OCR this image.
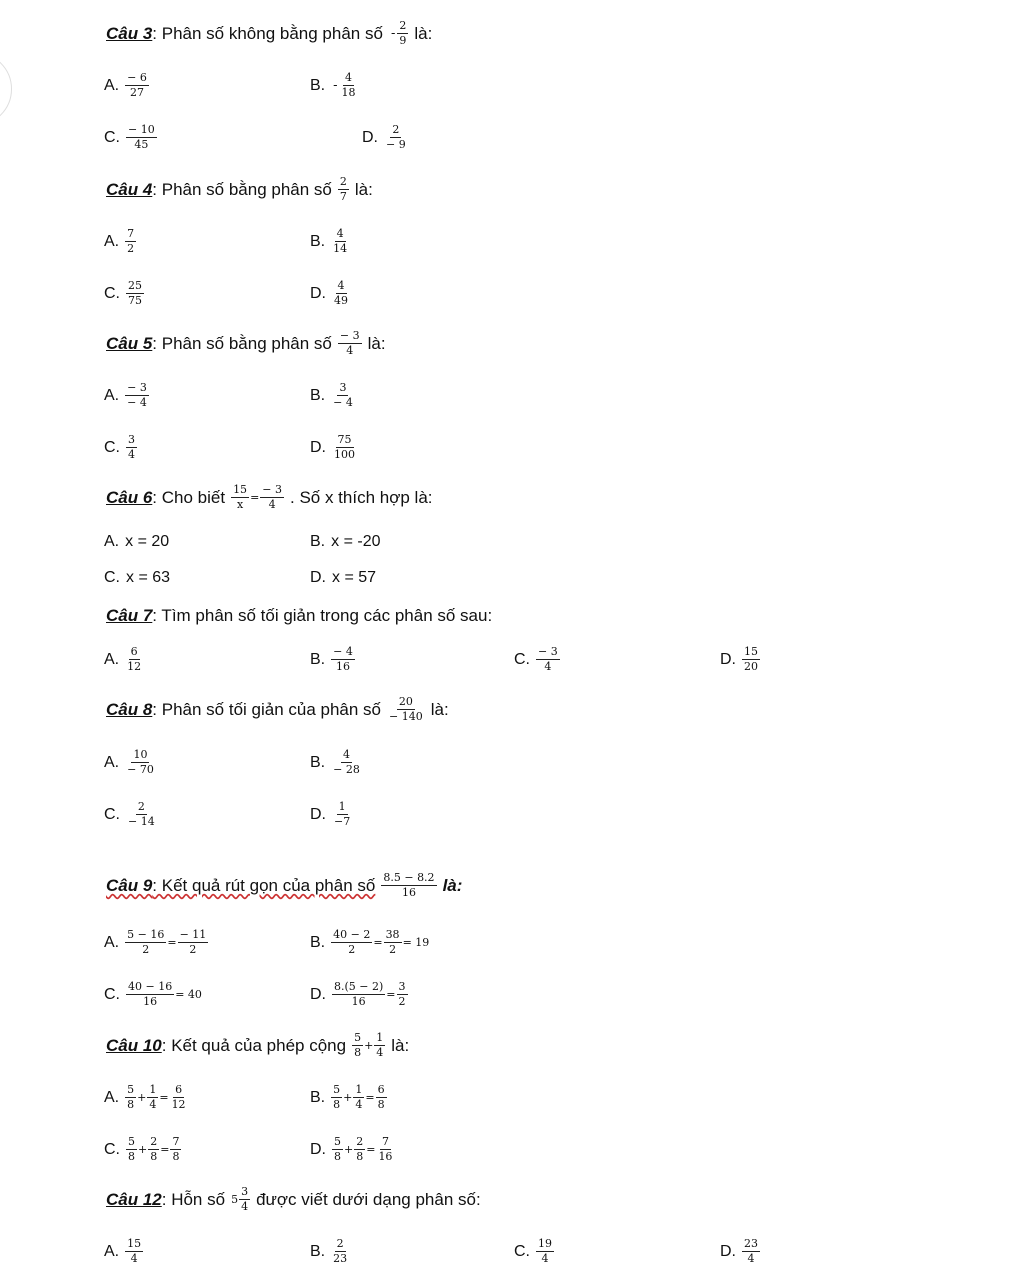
Câu 3 : Phân số không bằng phân số - $\frac{2}{9}$ là:
Câu 4 : Phân số bằng phân số $\frac{2}{7}$ là:
Câu 5 : Phân số bằng phân số $\frac{- 3}{4}$ là:
Câu 6 : Cho biết $\frac{15}{x} = \frac{- 3}{4}$ . Số x thích hợp là:
Câu 7 : Tìm phân số tối giản trong các phân số sau:
Câu 8 : Phân số tối giản của phân số $\frac{20}{- 140}$ là:
Câu 9 : Kết quả rút gọn của phân số $\frac{8.5 - 8.2}{16}$ là:
Câu 10 : Kết quả của phép cộng $\frac{5}{8} + \frac{1}{4}$ là:
Câu 12 : Hỗn số $5 \frac{3}{4}$ được viết dưới dạng phân số:
A. $\frac{- 6}{27}$	B. - $\frac{4}{18}$
C. $\frac{- 10}{45}$	D. $\frac{2}{- 9}$
A. $\frac{7}{2}$	B. $\frac{4}{14}$
C. $\frac{25}{75}$	D. $\frac{4}{49}$
A. $\frac{- 3}{- 4}$	B. $\frac{3}{- 4}$
C. $\frac{3}{4}$	D. $\frac{75}{100}$
A. x = 20	B. x = -20
C. x = 63	D. x = 57
A. $\frac{6}{12}$	B. $\frac{- 4}{16}$	C. $\frac{- 3}{4}$	D. $\frac{15}{20}$
A. $\frac{10}{- 70}$	B. $\frac{4}{- 28}$
C. $\frac{2}{- 14}$	D. $\frac{1}{-7}$
A. $\frac{5 - 16}{2} = \frac{- 11}{2}$	B. $\frac{40 - 2}{2} = \frac{38}{2} = 19$
C. $\frac{40 - 16}{16} = 40$	D. $\frac{8.(5 - 2)}{16} = \frac{3}{2}$
A. $\frac{5}{8} + \frac{1}{4} = \frac{6}{12}$	B. $\frac{5}{8} + \frac{1}{4} = \frac{6}{8}$
C. $\frac{5}{8} + \frac{2}{8} = \frac{7}{8}$	D. $\frac{5}{8} + \frac{2}{8} = \frac{7}{16}$
A. $\frac{15}{4}$	B. $\frac{2}{23}$	C. $\frac{19}{4}$	D. $\frac{23}{4}$
